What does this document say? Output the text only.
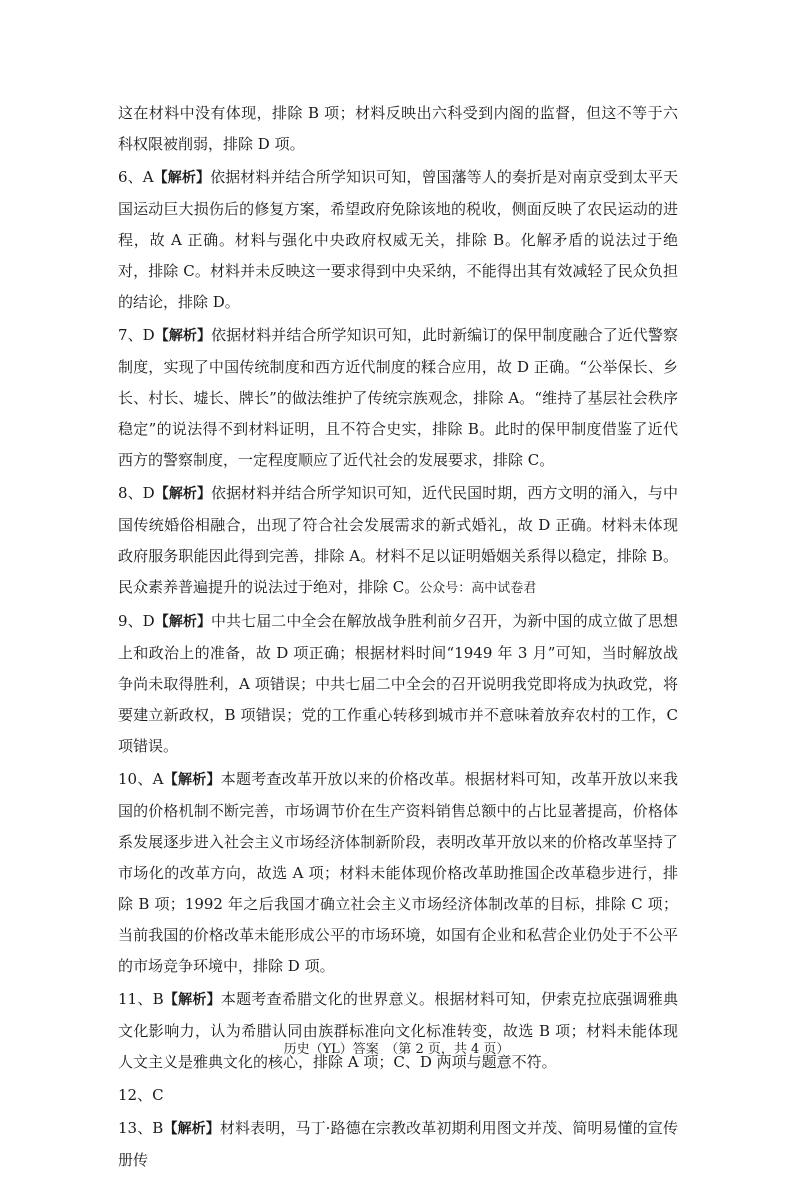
这在材料中没有体现，排除 B 项；材料反映出六科受到内阁的监督，但这不等于六科权限被削弱，排除 D 项。

6、A【解析】依据材料并结合所学知识可知，曾国藩等人的奏折是对南京受到太平天国运动巨大损伤后的修复方案，希望政府免除该地的税收，侧面反映了农民运动的进程，故 A 正确。材料与强化中央政府权威无关，排除 B。化解矛盾的说法过于绝对，排除 C。材料并未反映这一要求得到中央采纳，不能得出其有效减轻了民众负担的结论，排除 D。

7、D【解析】依据材料并结合所学知识可知，此时新编订的保甲制度融合了近代警察制度，实现了中国传统制度和西方近代制度的糅合应用，故 D 正确。“公举保长、乡长、村长、墟长、牌长”的做法维护了传统宗族观念，排除 A。“维持了基层社会秩序稳定”的说法得不到材料证明，且不符合史实，排除 B。此时的保甲制度借鉴了近代西方的警察制度，一定程度顺应了近代社会的发展要求，排除 C。

8、D【解析】依据材料并结合所学知识可知，近代民国时期，西方文明的涌入，与中国传统婚俗相融合，出现了符合社会发展需求的新式婚礼，故 D 正确。材料未体现政府服务职能因此得到完善，排除 A。材料不足以证明婚姻关系得以稳定，排除 B。民众素养普遍提升的说法过于绝对，排除 C。公众号：高中试卷君

9、D【解析】中共七届二中全会在解放战争胜利前夕召开，为新中国的成立做了思想上和政治上的准备，故 D 项正确；根据材料时间“1949 年 3 月”可知，当时解放战争尚未取得胜利，A 项错误；中共七届二中全会的召开说明我党即将成为执政党，将要建立新政权，B 项错误；党的工作重心转移到城市并不意味着放弃农村的工作，C 项错误。

10、A【解析】本题考查改革开放以来的价格改革。根据材料可知，改革开放以来我国的价格机制不断完善，市场调节价在生产资料销售总额中的占比显著提高，价格体系发展逐步进入社会主义市场经济体制新阶段，表明改革开放以来的价格改革坚持了市场化的改革方向，故选 A 项；材料未能体现价格改革助推国企改革稳步进行，排除 B 项；1992 年之后我国才确立社会主义市场经济体制改革的目标，排除 C 项；当前我国的价格改革未能形成公平的市场环境，如国有企业和私营企业仍处于不公平的市场竞争环境中，排除 D 项。

11、B【解析】本题考查希腊文化的世界意义。根据材料可知，伊索克拉底强调雅典文化影响力，认为希腊认同由族群标准向文化标准转变，故选 B 项；材料未能体现人文主义是雅典文化的核心，排除 A 项；C、D 两项与题意不符。

12、C

13、B【解析】材料表明，马丁·路德在宗教改革初期利用图文并茂、简明易懂的宣传册传

历史（YL）答案　（第 2 页，共 4 页）
